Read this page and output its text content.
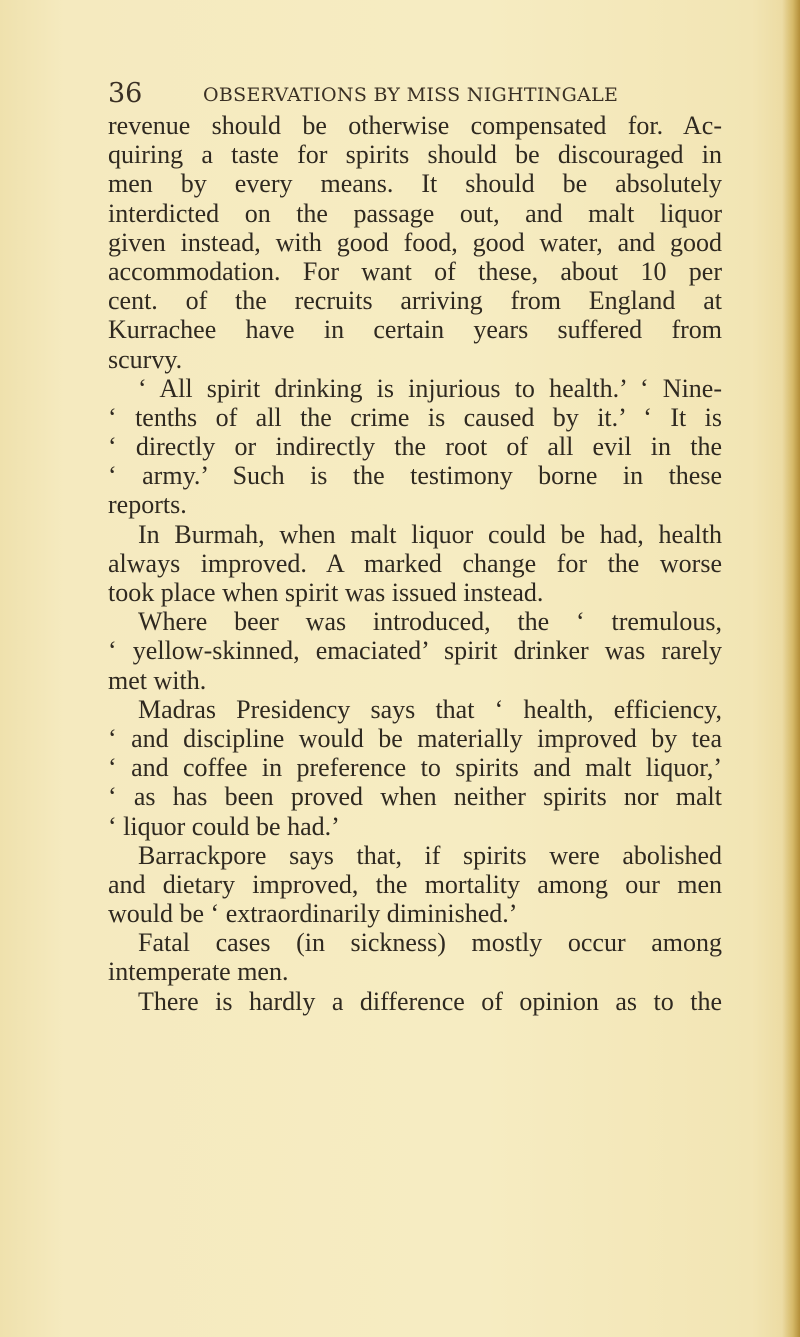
36	OBSERVATIONS BY MISS NIGHTINGALE
revenue should be otherwise compensated for. Ac-
quiring a taste for spirits should be discouraged in
men by every means. It should be absolutely
interdicted on the passage out, and malt liquor
given instead, with good food, good water, and good
accommodation. For want of these, about 10 per
cent. of the recruits arriving from England at
Kurrachee have in certain years suffered from
scurvy.
‘ All spirit drinking is injurious to health.’ ‘ Nine-
‘ tenths of all the crime is caused by it.’ ‘ It is
‘ directly or indirectly the root of all evil in the
‘ army.’ Such is the testimony borne in these
reports.
In Burmah, when malt liquor could be had, health
always improved. A marked change for the worse
took place when spirit was issued instead.
Where beer was introduced, the ‘ tremulous,
‘ yellow-skinned, emaciated’ spirit drinker was rarely
met with.
Madras Presidency says that ‘ health, efficiency,
‘ and discipline would be materially improved by tea
‘ and coffee in preference to spirits and malt liquor,’
‘ as has been proved when neither spirits nor malt
‘ liquor could be had.’
Barrackpore says that, if spirits were abolished
and dietary improved, the mortality among our men
would be ‘ extraordinarily diminished.’
Fatal cases (in sickness) mostly occur among
intemperate men.
There is hardly a difference of opinion as to the
